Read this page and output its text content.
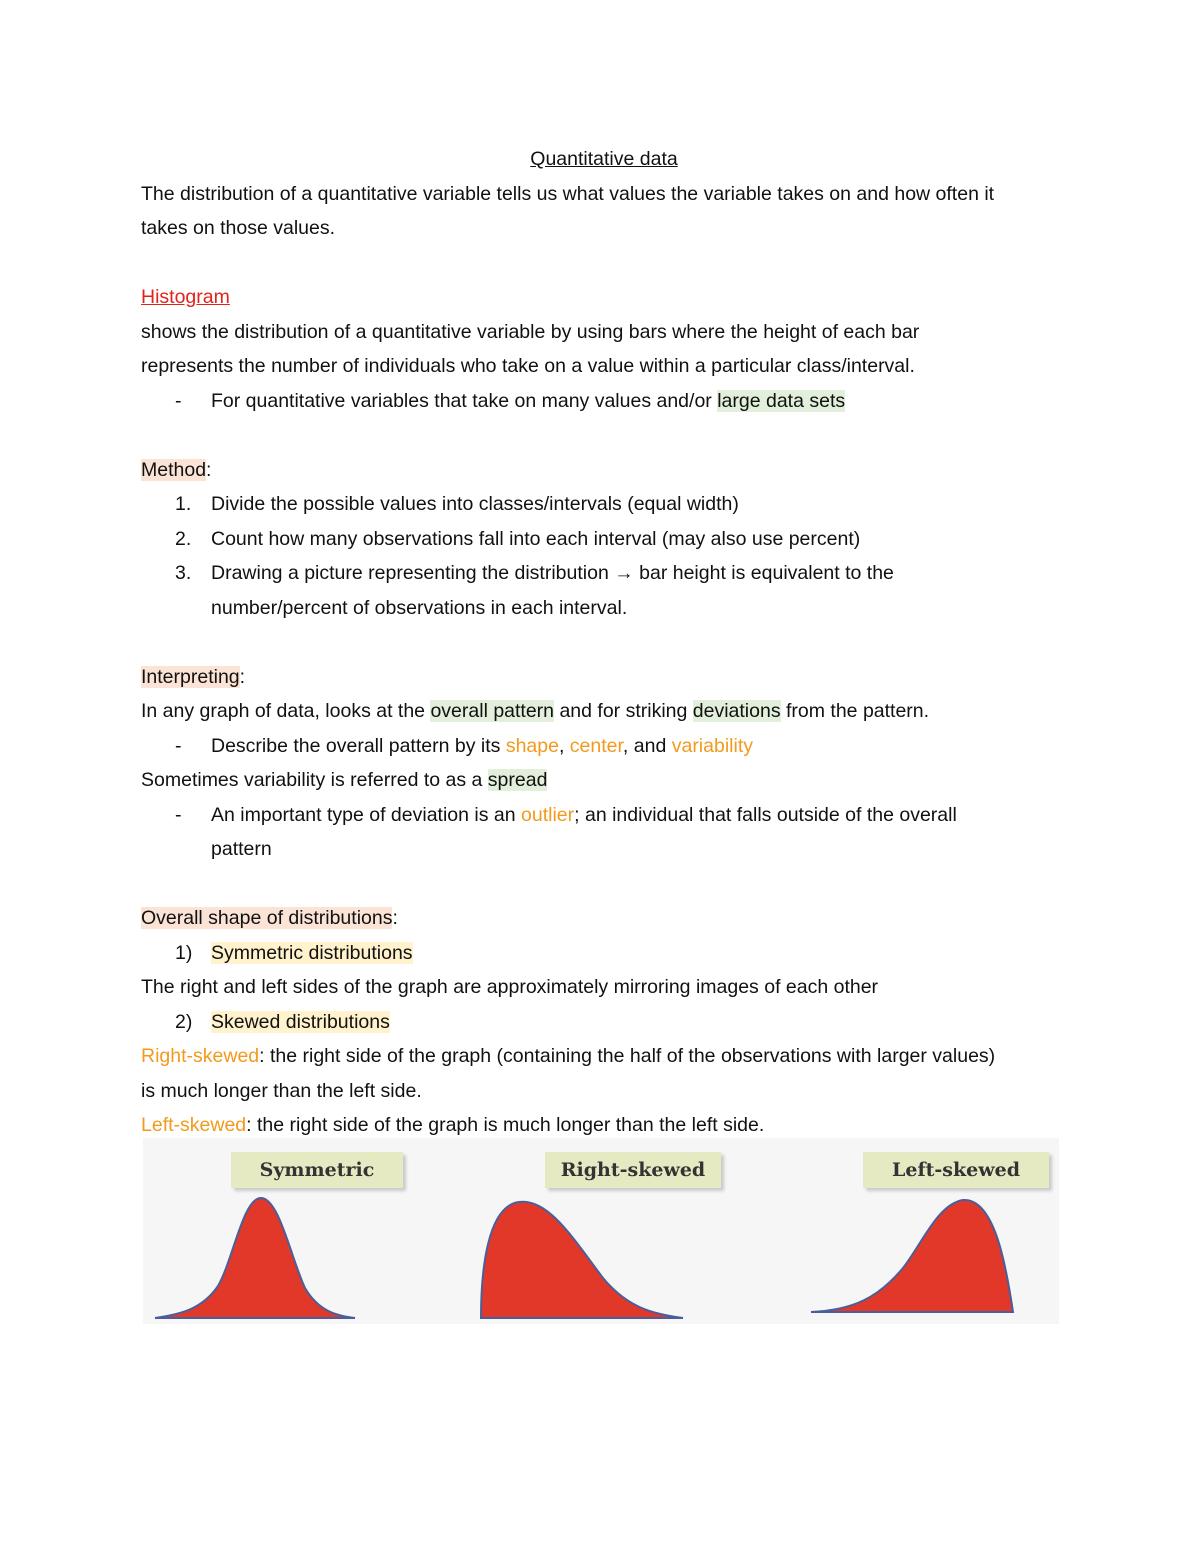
Quantitative data
The distribution of a quantitative variable tells us what values the variable takes on and how often it
takes on those values.
Histogram
shows the distribution of a quantitative variable by using bars where the height of each bar
represents the number of individuals who take on a value within a particular class/interval.
- For quantitative variables that take on many values and/or large data sets
Method:
1. Divide the possible values into classes/intervals (equal width)
2. Count how many observations fall into each interval (may also use percent)
3. Drawing a picture representing the distribution → bar height is equivalent to the
number/percent of observations in each interval.
Interpreting:
In any graph of data, looks at the overall pattern and for striking deviations from the pattern.
- Describe the overall pattern by its shape, center, and variability
Sometimes variability is referred to as a spread
- An important type of deviation is an outlier; an individual that falls outside of the overall
pattern
Overall shape of distributions:
1) Symmetric distributions
The right and left sides of the graph are approximately mirroring images of each other
2) Skewed distributions
Right-skewed: the right side of the graph (containing the half of the observations with larger values)
is much longer than the left side.
Left-skewed: the right side of the graph is much longer than the left side.
Symmetric	Right-skewed	Left-skewed
